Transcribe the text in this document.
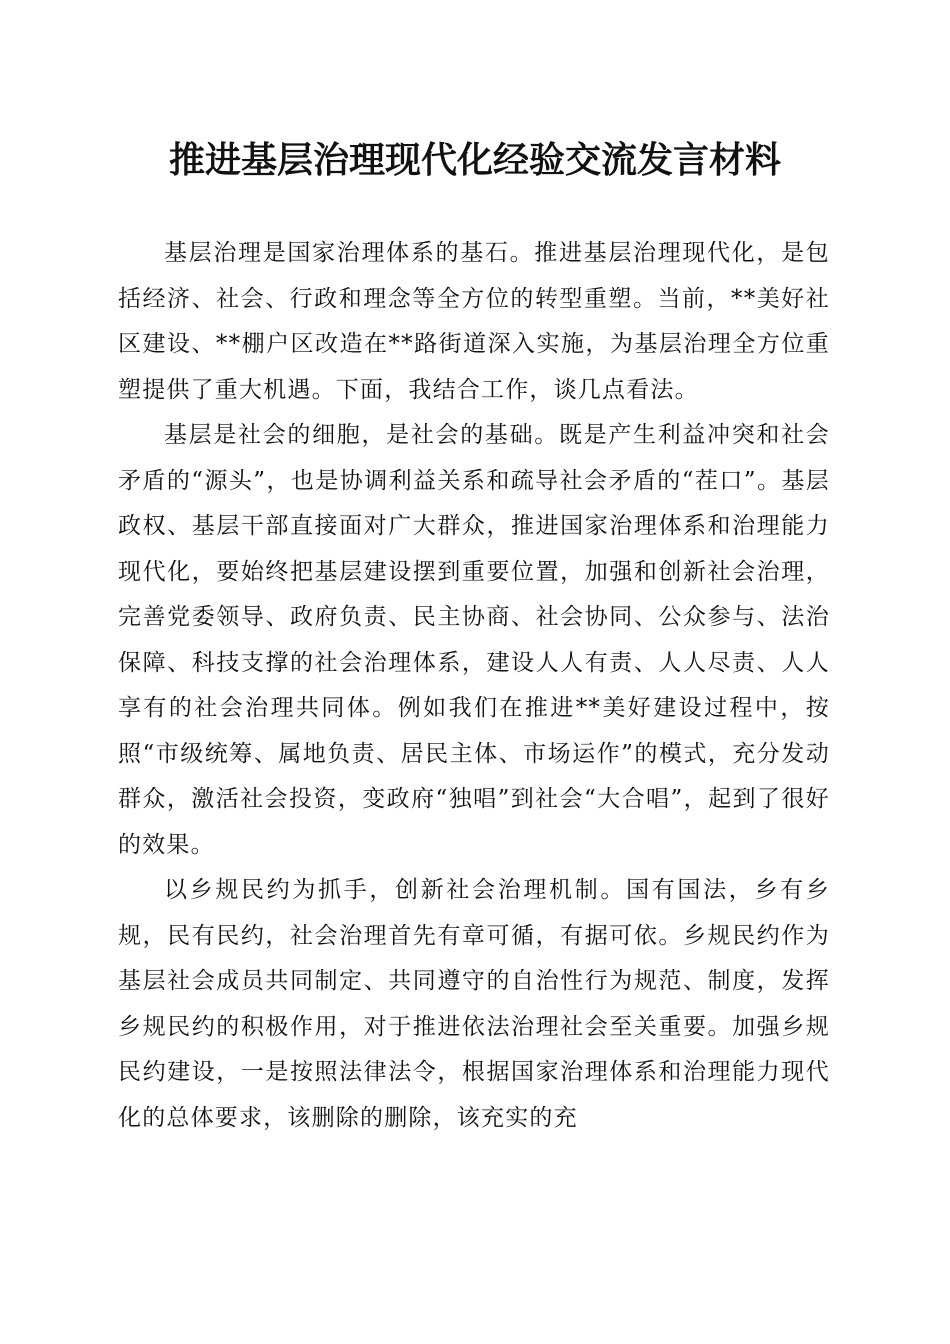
推进基层治理现代化经验交流发言材料

基层治理是国家治理体系的基石。推进基层治理现代化，是包括经济、社会、行政和理念等全方位的转型重塑。当前，**美好社区建设、**棚户区改造在**路街道深入实施，为基层治理全方位重塑提供了重大机遇。下面，我结合工作，谈几点看法。

基层是社会的细胞，是社会的基础。既是产生利益冲突和社会矛盾的“源头”，也是协调利益关系和疏导社会矛盾的“茬口”。基层政权、基层干部直接面对广大群众，推进国家治理体系和治理能力现代化，要始终把基层建设摆到重要位置，加强和创新社会治理，完善党委领导、政府负责、民主协商、社会协同、公众参与、法治保障、科技支撑的社会治理体系，建设人人有责、人人尽责、人人享有的社会治理共同体。例如我们在推进**美好建设过程中，按照“市级统筹、属地负责、居民主体、市场运作”的模式，充分发动群众，激活社会投资，变政府“独唱”到社会“大合唱”，起到了很好的效果。

以乡规民约为抓手，创新社会治理机制。国有国法，乡有乡规，民有民约，社会治理首先有章可循，有据可依。乡规民约作为基层社会成员共同制定、共同遵守的自治性行为规范、制度，发挥乡规民约的积极作用，对于推进依法治理社会至关重要。加强乡规民约建设，一是按照法律法令，根据国家治理体系和治理能力现代化的总体要求，该删除的删除，该充实的充
